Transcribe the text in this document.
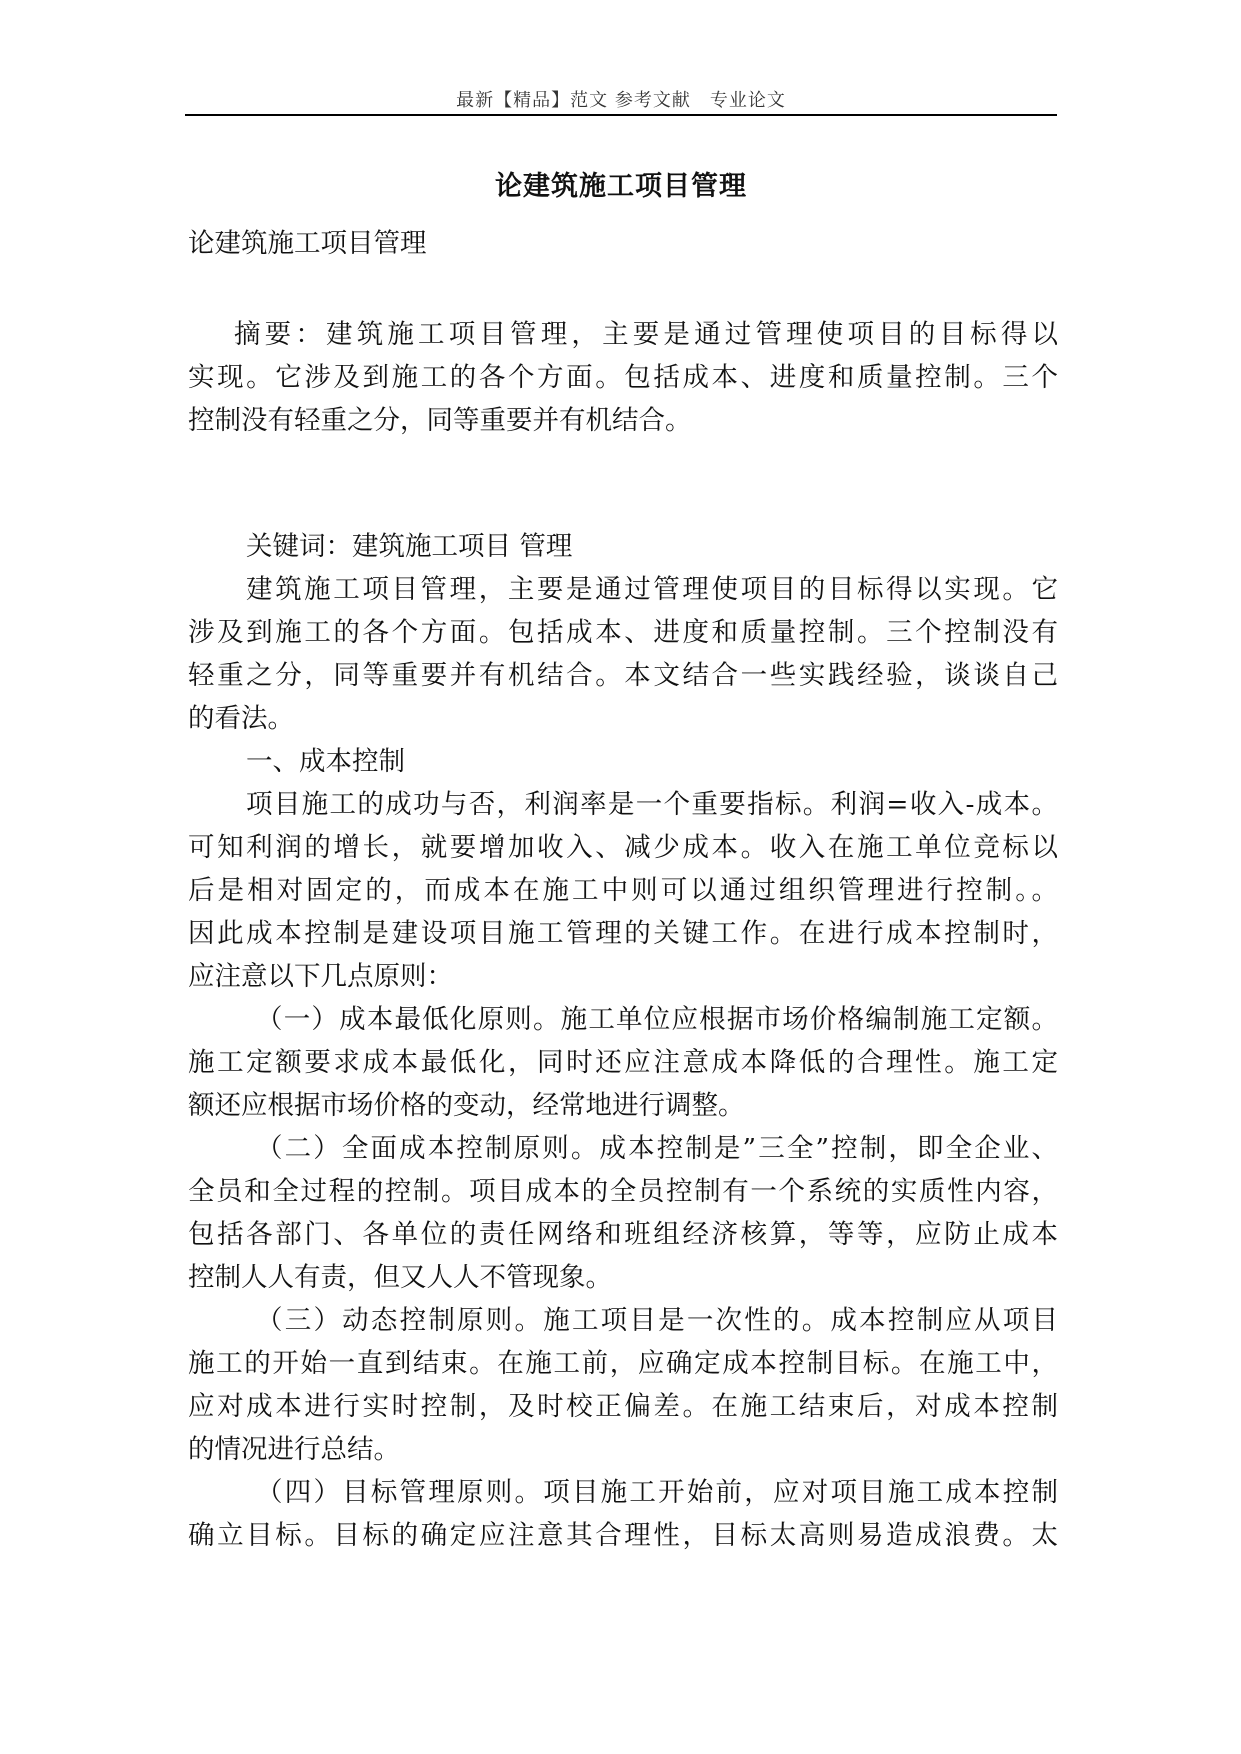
最新【精品】范文 参考文献　专业论文
论建筑施工项目管理
论建筑施工项目管理
摘要：建筑施工项目管理，主要是通过管理使项目的目标得以
实现。它涉及到施工的各个方面。包括成本、进度和质量控制。三个
控制没有轻重之分，同等重要并有机结合。
关键词：建筑施工项目 管理
建筑施工项目管理，主要是通过管理使项目的目标得以实现。它
涉及到施工的各个方面。包括成本、进度和质量控制。三个控制没有
轻重之分，同等重要并有机结合。本文结合一些实践经验，谈谈自己
的看法。
一、成本控制
项目施工的成功与否，利润率是一个重要指标。利润=收入-成本。
可知利润的增长，就要增加收入、减少成本。收入在施工单位竞标以
后是相对固定的，而成本在施工中则可以通过组织管理进行控制。。
因此成本控制是建设项目施工管理的关键工作。在进行成本控制时，
应注意以下几点原则：
（一）成本最低化原则。施工单位应根据市场价格编制施工定额。
施工定额要求成本最低化，同时还应注意成本降低的合理性。施工定
额还应根据市场价格的变动，经常地进行调整。
（二）全面成本控制原则。成本控制是”三全”控制，即全企业、
全员和全过程的控制。项目成本的全员控制有一个系统的实质性内容，
包括各部门、各单位的责任网络和班组经济核算，等等，应防止成本
控制人人有责，但又人人不管现象。
（三）动态控制原则。施工项目是一次性的。成本控制应从项目
施工的开始一直到结束。在施工前，应确定成本控制目标。在施工中，
应对成本进行实时控制，及时校正偏差。在施工结束后，对成本控制
的情况进行总结。
（四）目标管理原则。项目施工开始前，应对项目施工成本控制
确立目标。目标的确定应注意其合理性，目标太高则易造成浪费。太
